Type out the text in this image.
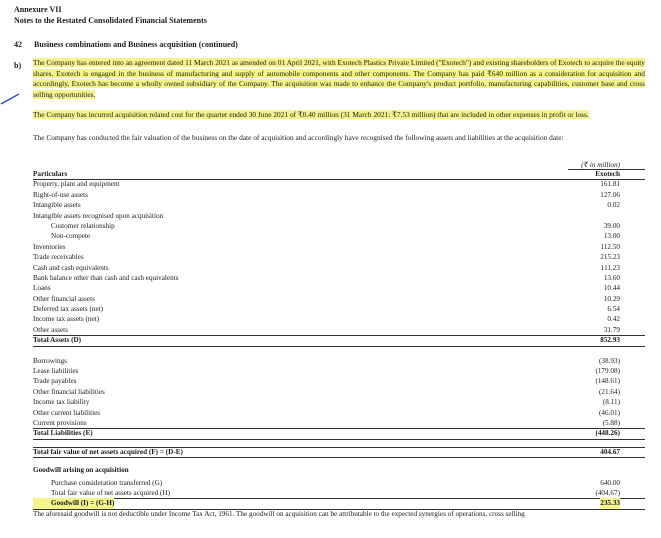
Annexure VII
Notes to the Restated Consolidated Financial Statements
42 Business combinations and Business acquisition (continued)
b) The Company has entered into an agreement dated 11 March 2021 as amended on 01 April 2021, with Exotech Plastics Private Limited ("Exotech") and existing shareholders of Exotech to acquire the equity shares. Exotech is engaged in the business of manufacturing and supply of automobile components and other components. The Company has paid ₹640 million as a consideration for acquisition and accordingly, Exotech has become a wholly owned subsidiary of the Company. The acquisition was made to enhance the Company's product portfolio, manufacturing capabilities, customer base and cross selling opportunities.
The Company has incurred acquisition related cost for the quarter ended 30 June 2021 of ₹0.40 million (31 March 2021: ₹7.53 million) that are included in other expenses in profit or loss.
The Company has conducted the fair valuation of the business on the date of acquisition and accordingly have recognised the following assets and liabilities at the acquisition date:
(₹ in million)
Particulars	Exotech
Property, plant and equipment	161.81
Right-of-use assets	127.06
Intangible assets	0.02
Intangible assets recognised upon acquisition
Customer relationship	39.00
Non-compete	13.00
Inventories	112.50
Trade receivables	215.23
Cash and cash equivalents	111.23
Bank balance other than cash and cash equivalents	13.60
Loans	10.44
Other financial assets	10.29
Deferred tax assets (net)	6.54
Income tax assets (net)	0.42
Other assets	31.79
Total Assets (D)	852.93
Borrowings	(38.93)
Lease liabilities	(179.08)
Trade payables	(148.61)
Other financial liabilities	(21.64)
Income tax liability	(8.11)
Other current liabilities	(46.01)
Current provisions	(5.88)
Total Liabilities (E)	(448.26)
Total fair value of net assets acquired (F) = (D-E)	404.67
Goodwill arising on acquisition
Purchase consideration transferred (G)	640.00
Total fair value of net assets acquired (H)	(404.67)
Goodwill (I) = (G-H)	235.33
The aforesaid goodwill is not deductible under Income Tax Act, 1961. The goodwill on acquisition can be attributable to the expected synergies of operations, cross selling
